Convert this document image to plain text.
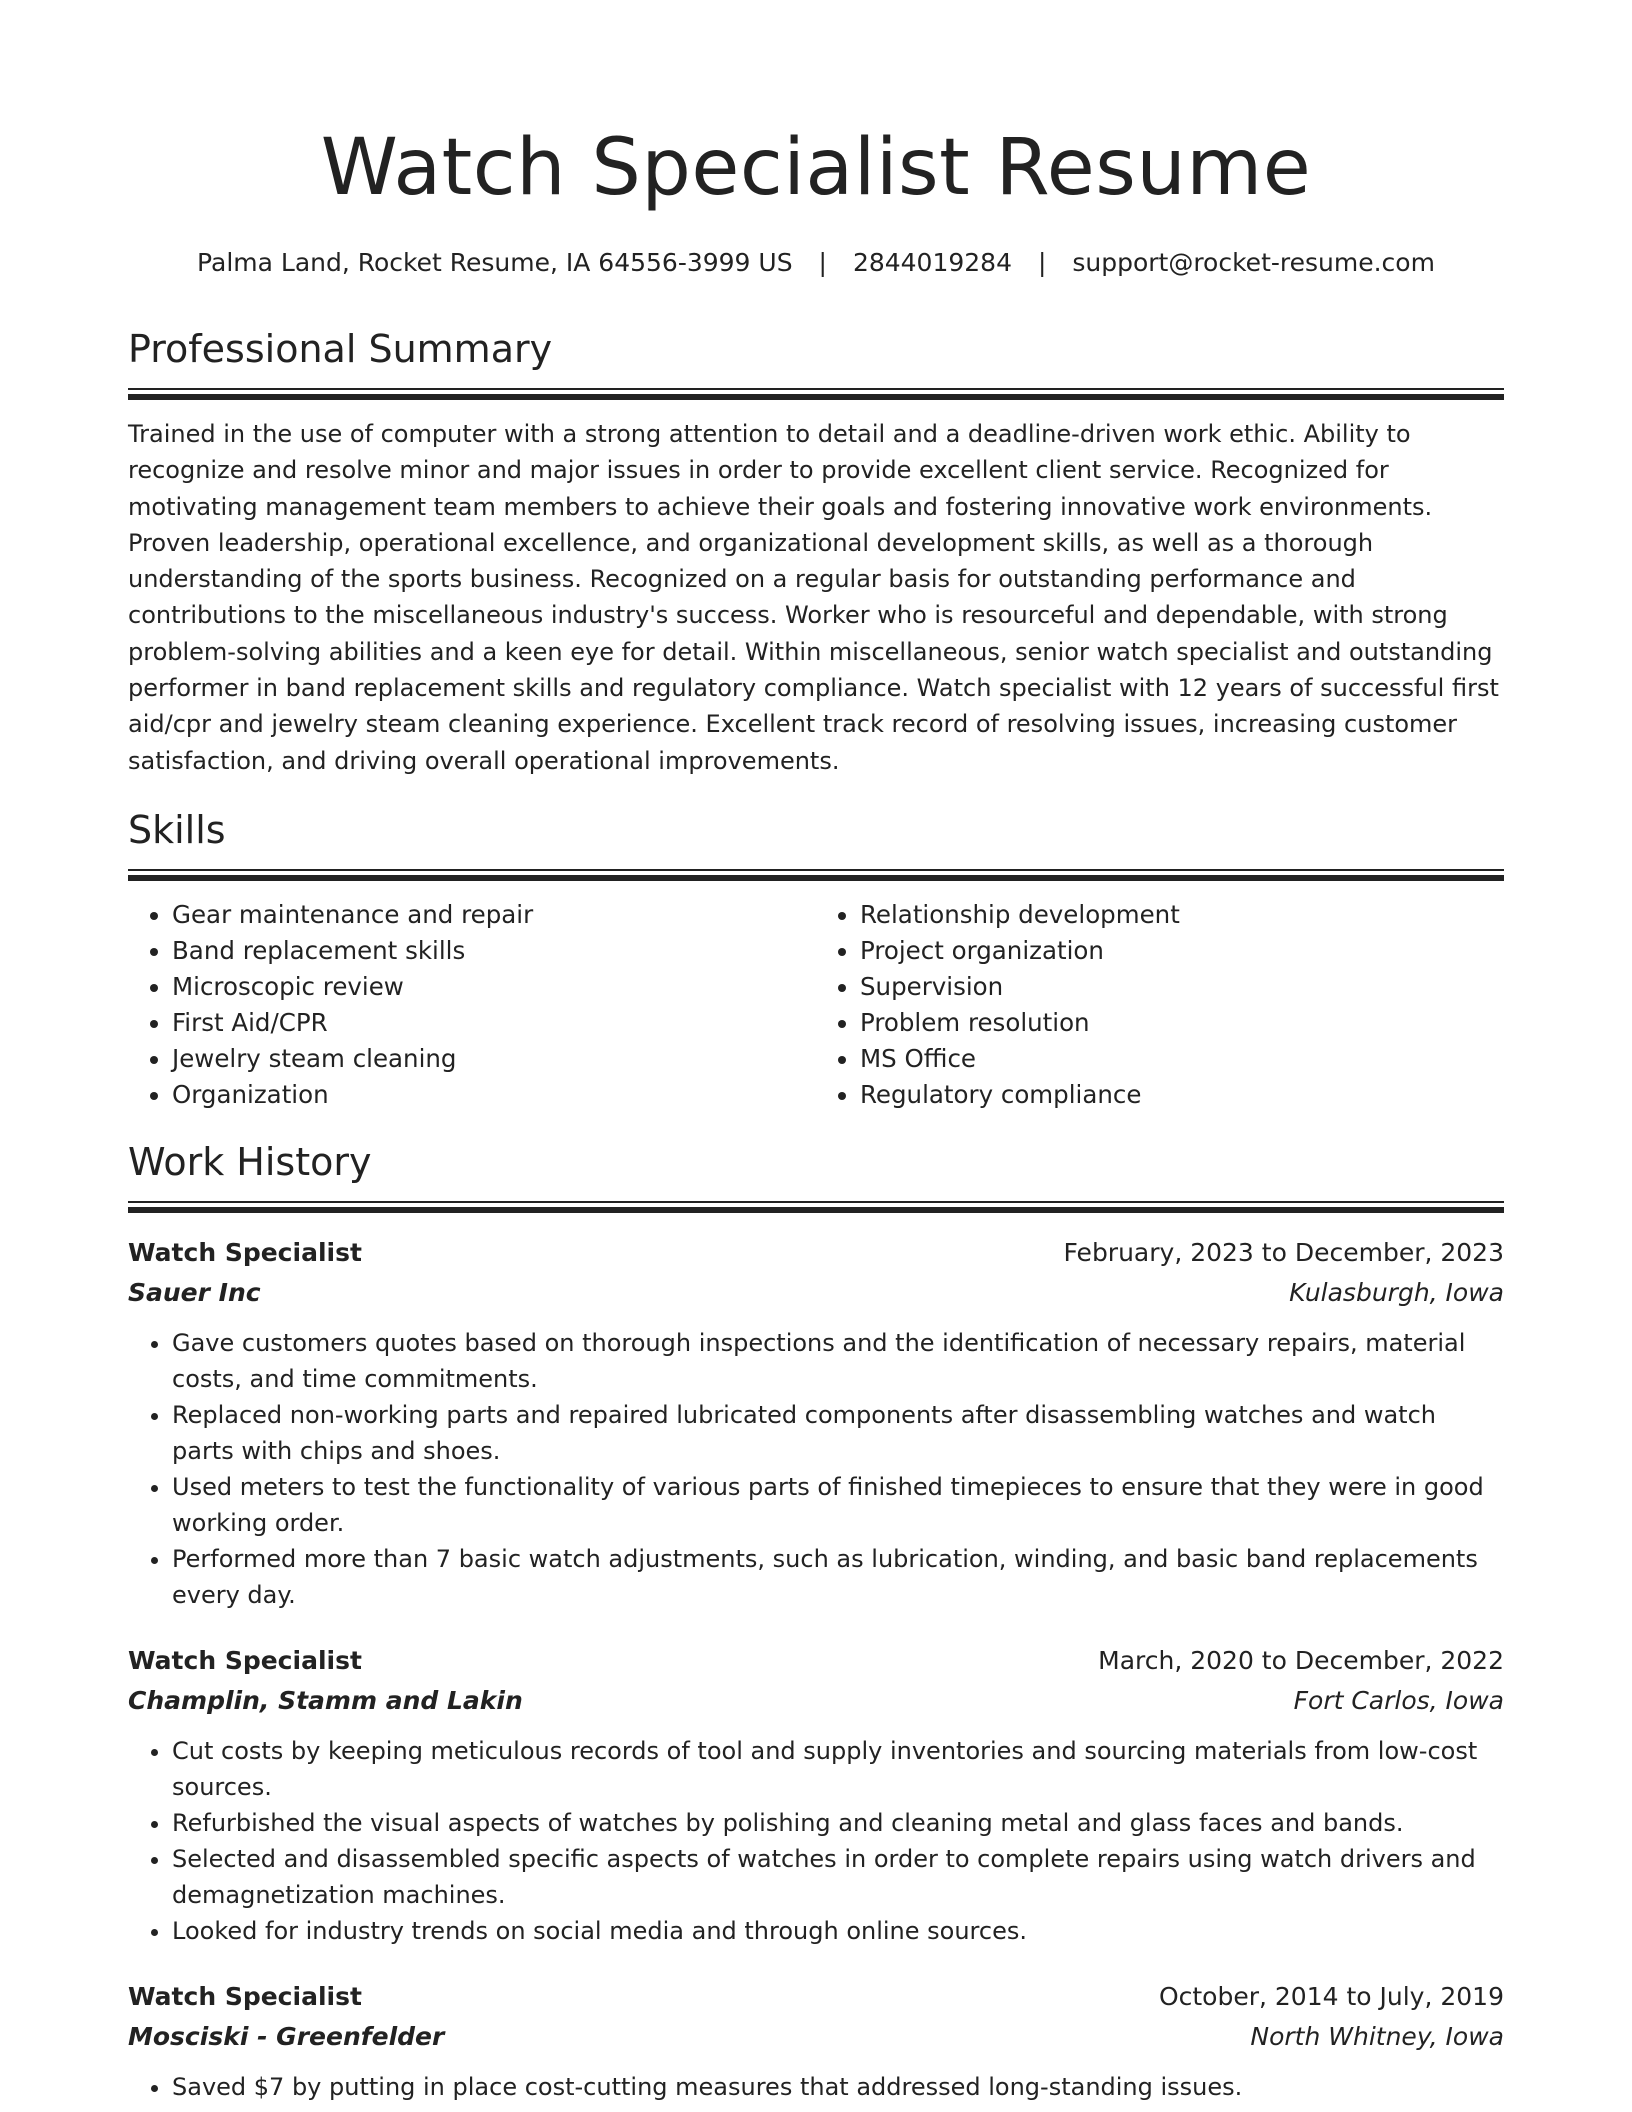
Watch Specialist Resume
Palma Land, Rocket Resume, IA 64556-3999 US | 2844019284 | support@rocket-resume.com
Professional Summary

Trained in the use of computer with a strong attention to detail and a deadline-driven work ethic. Ability to recognize and resolve minor and major issues in order to provide excellent client service. Recognized for motivating management team members to achieve their goals and fostering innovative work environments. Proven leadership, operational excellence, and organizational development skills, as well as a thorough understanding of the sports business. Recognized on a regular basis for outstanding performance and contributions to the miscellaneous industry's success. Worker who is resourceful and dependable, with strong problem-solving abilities and a keen eye for detail. Within miscellaneous, senior watch specialist and outstanding performer in band replacement skills and regulatory compliance. Watch specialist with 12 years of successful first aid/cpr and jewelry steam cleaning experience. Excellent track record of resolving issues, increasing customer satisfaction, and driving overall operational improvements.

Skills
• Gear maintenance and repair
• Band replacement skills
• Microscopic review
• First Aid/CPR
• Jewelry steam cleaning
• Organization
• Relationship development
• Project organization
• Supervision
• Problem resolution
• MS Office
• Regulatory compliance
Work History
Watch Specialist	February, 2023 to December, 2023
Sauer Inc	Kulasburgh, Iowa
• Gave customers quotes based on thorough inspections and the identification of necessary repairs, material costs, and time commitments.
• Replaced non-working parts and repaired lubricated components after disassembling watches and watch parts with chips and shoes.
• Used meters to test the functionality of various parts of finished timepieces to ensure that they were in good working order.
• Performed more than 7 basic watch adjustments, such as lubrication, winding, and basic band replacements every day.
Watch Specialist	March, 2020 to December, 2022
Champlin, Stamm and Lakin	Fort Carlos, Iowa
• Cut costs by keeping meticulous records of tool and supply inventories and sourcing materials from low-cost sources.
• Refurbished the visual aspects of watches by polishing and cleaning metal and glass faces and bands.
• Selected and disassembled specific aspects of watches in order to complete repairs using watch drivers and demagnetization machines.
• Looked for industry trends on social media and through online sources.
Watch Specialist	October, 2014 to July, 2019
Mosciski - Greenfelder	North Whitney, Iowa
• Saved $7 by putting in place cost-cutting measures that addressed long-standing issues.
